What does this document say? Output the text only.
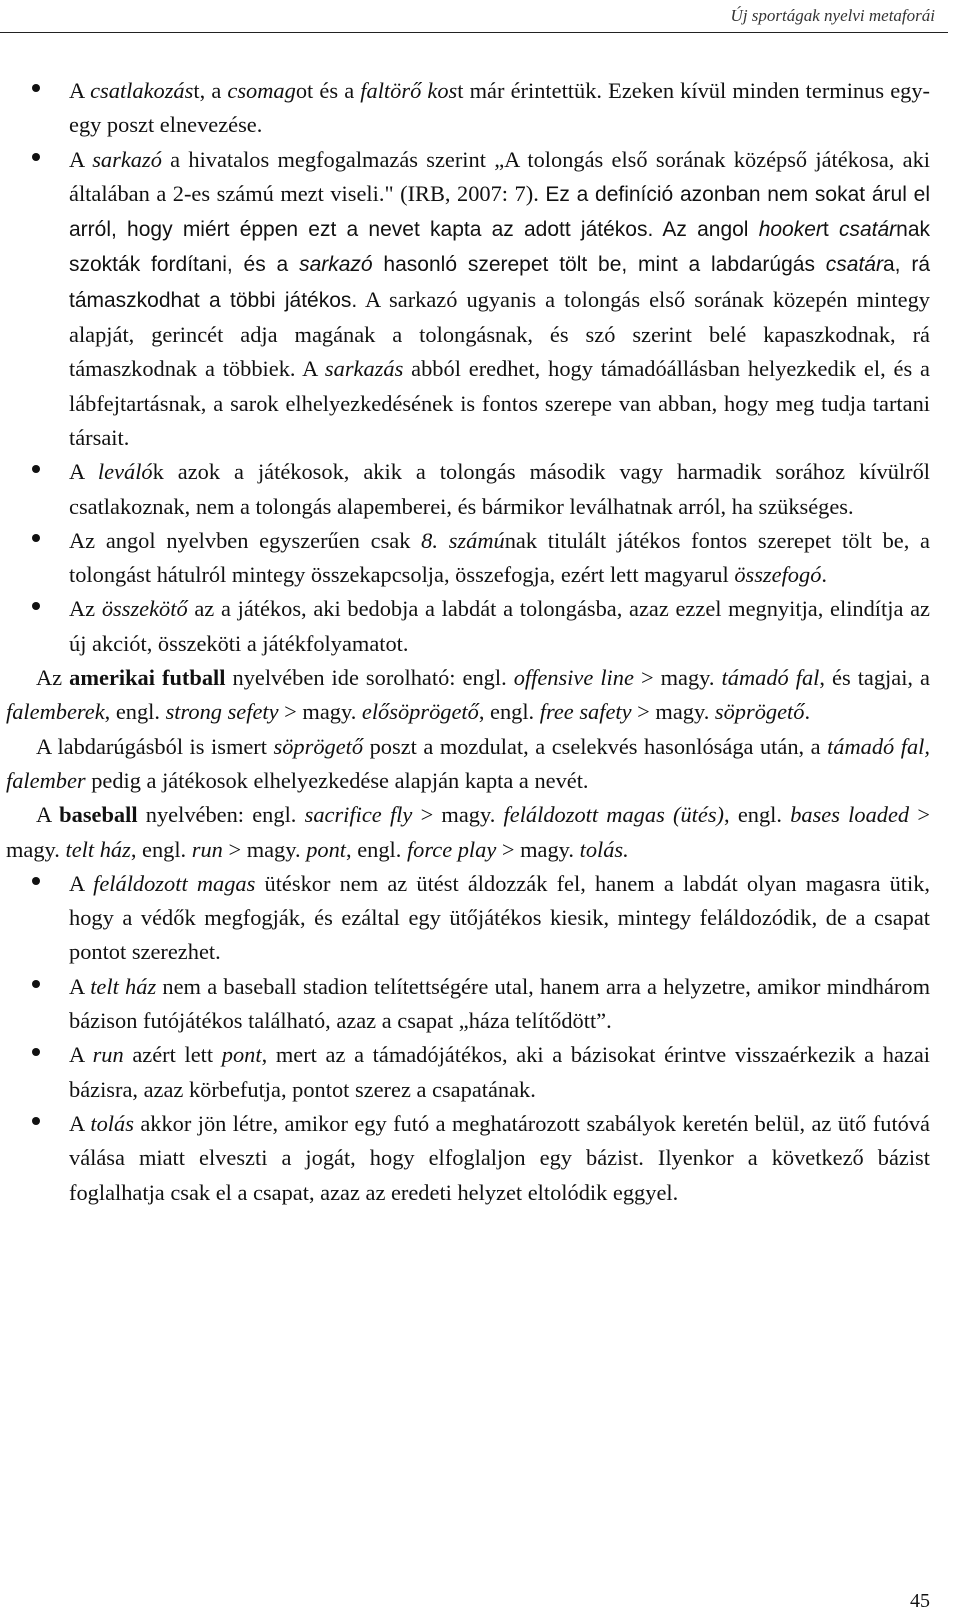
Új sportágak nyelvi metaforái
A csatlakozást, a csomagot és a faltörő kost már érintettük. Ezeken kívül minden terminus egy-egy poszt elnevezése.
A sarkazó a hivatalos megfogalmazás szerint „A tolongás első sorának középső játékosa, aki általában a 2-es számú mezt viseli." (IRB, 2007: 7). Ez a definíció azonban nem sokat árul el arról, hogy miért éppen ezt a nevet kapta az adott játékos. Az angol hookert csatárnak szokták fordítani, és a sarkazó hasonló szerepet tölt be, mint a labdarúgás csatára, rá támaszkodhat a többi játékos. A sarkazó ugyanis a tolongás első sorának közepén mintegy alapját, gerincét adja magának a tolongásnak, és szó szerint belé kapaszkodnak, rá támaszkodnak a többiek. A sarkazás abból eredhet, hogy támadóállásban helyezkedik el, és a lábfejtartásnak, a sarok elhelyezkedésének is fontos szerepe van abban, hogy meg tudja tartani társait.
A leválók azok a játékosok, akik a tolongás második vagy harmadik sorához kívülről csatlakoznak, nem a tolongás alapemberei, és bármikor leválhatnak arról, ha szükséges.
Az angol nyelvben egyszerűen csak 8. számúnak titulált játékos fontos szerepet tölt be, a tolongást hátulról mintegy összekapcsolja, összefogja, ezért lett magyarul összefogó.
Az összekötő az a játékos, aki bedobja a labdát a tolongásba, azaz ezzel megnyitja, elindítja az új akciót, összeköti a játékfolyamatot.

Az amerikai futball nyelvében ide sorolható: engl. offensive line > magy. támadó fal, és tagjai, a falemberek, engl. strong sefety > magy. elősöprögető, engl. free safety > magy. söprögető.

A labdarúgásból is ismert söprögető poszt a mozdulat, a cselekvés hasonlósága után, a támadó fal, falember pedig a játékosok elhelyezkedése alapján kapta a nevét.

A baseball nyelvében: engl. sacrifice fly > magy. feláldozott magas (ütés), engl. bases loaded > magy. telt ház, engl. run > magy. pont, engl. force play > magy. tolás.

A feláldozott magas ütéskor nem az ütést áldozzák fel, hanem a labdát olyan magasra ütik, hogy a védők megfogják, és ezáltal egy ütőjátékos kiesik, mintegy feláldozódik, de a csapat pontot szerezhet.
A telt ház nem a baseball stadion telítettségére utal, hanem arra a helyzetre, amikor mindhárom bázison futójátékos található, azaz a csapat „háza telítődött”.
A run azért lett pont, mert az a támadójátékos, aki a bázisokat érintve visszaérkezik a hazai bázisra, azaz körbefutja, pontot szerez a csapatának.
A tolás akkor jön létre, amikor egy futó a meghatározott szabályok keretén belül, az ütő futóvá válása miatt elveszti a jogát, hogy elfoglaljon egy bázist. Ilyenkor a következő bázist foglalhatja csak el a csapat, azaz az eredeti helyzet eltolódik eggyel.
45
